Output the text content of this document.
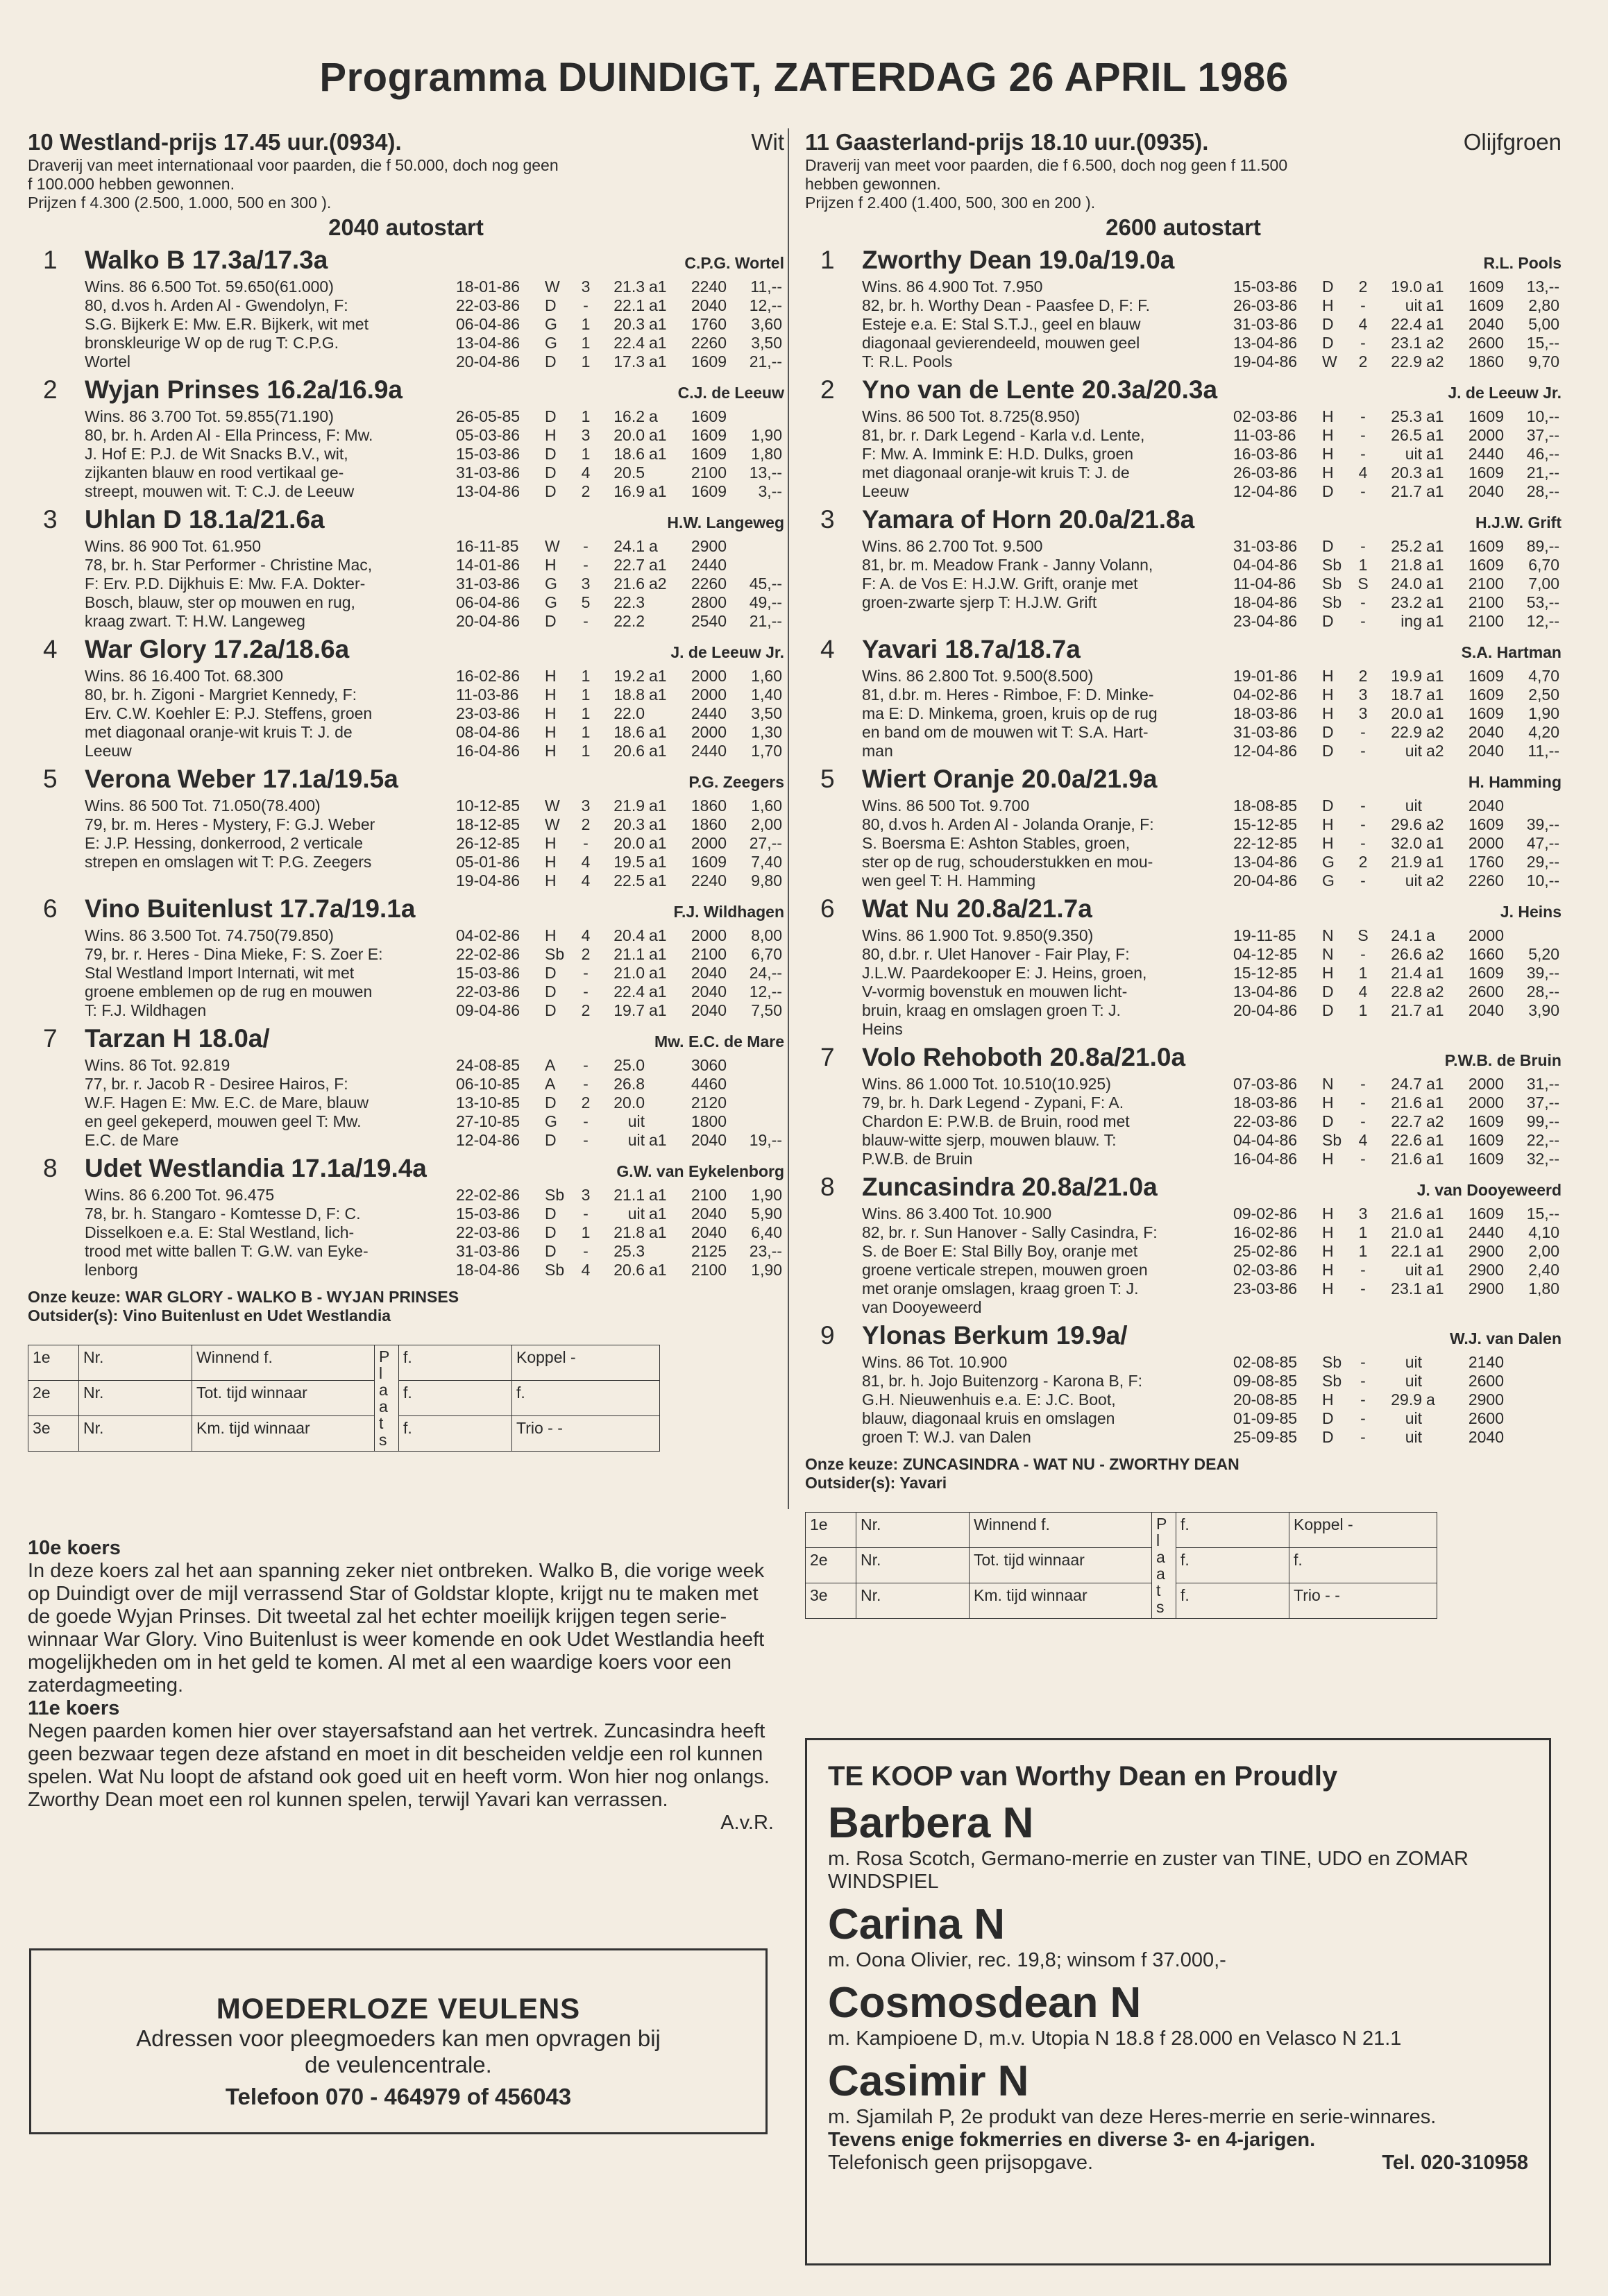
Programma DUINDIGT, ZATERDAG 26 APRIL 1986
10 Westland-prijs 17.45 uur.(0934).	Wit
Draverij van meet internationaal voor paarden, die f 50.000, doch nog geen
f 100.000 hebben gewonnen.
Prijzen f 4.300 (2.500, 1.000, 500 en 300 ).
2040 autostart
1	Walko B 17.3a/17.3a	C.P.G. Wortel
Wins. 86 6.500 Tot. 59.650(61.000)
80, d.vos h. Arden Al - Gwendolyn, F:
S.G. Bijkerk E: Mw. E.R. Bijkerk, wit met
bronskleurige W op de rug T: C.P.G.
Wortel
18-01-86	W	3	21.3 a1	2240	11,--
22-03-86	D	-	22.1 a1	2040	12,--
06-04-86	G	1	20.3 a1	1760	3,60
13-04-86	G	1	22.4 a1	2260	3,50
20-04-86	D	1	17.3 a1	1609	21,--
2	Wyjan Prinses 16.2a/16.9a	C.J. de Leeuw
Wins. 86 3.700 Tot. 59.855(71.190)
80, br. h. Arden Al - Ella Princess, F: Mw.
J. Hof E: P.J. de Wit Snacks B.V., wit,
zijkanten blauw en rood vertikaal ge-
streept, mouwen wit. T: C.J. de Leeuw
26-05-85	D	1	16.2 a	1609
05-03-86	H	3	20.0 a1	1609	1,90
15-03-86	D	1	18.6 a1	1609	1,80
31-03-86	D	4	20.5	2100	13,--
13-04-86	D	2	16.9 a1	1609	3,--
3	Uhlan D 18.1a/21.6a	H.W. Langeweg
Wins. 86 900 Tot. 61.950
78, br. h. Star Performer - Christine Mac,
F: Erv. P.D. Dijkhuis E: Mw. F.A. Dokter-
Bosch, blauw, ster op mouwen en rug,
kraag zwart. T: H.W. Langeweg
16-11-85	W	-	24.1 a	2900
14-01-86	H	-	22.7 a1	2440
31-03-86	G	3	21.6 a2	2260	45,--
06-04-86	G	5	22.3	2800	49,--
20-04-86	D	-	22.2	2540	21,--
4	War Glory 17.2a/18.6a	J. de Leeuw Jr.
Wins. 86 16.400 Tot. 68.300
80, br. h. Zigoni - Margriet Kennedy, F:
Erv. C.W. Koehler E: P.J. Steffens, groen
met diagonaal oranje-wit kruis T: J. de
Leeuw
16-02-86	H	1	19.2 a1	2000	1,60
11-03-86	H	1	18.8 a1	2000	1,40
23-03-86	H	1	22.0	2440	3,50
08-04-86	H	1	18.6 a1	2000	1,30
16-04-86	H	1	20.6 a1	2440	1,70
5	Verona Weber 17.1a/19.5a	P.G. Zeegers
Wins. 86 500 Tot. 71.050(78.400)
79, br. m. Heres - Mystery, F: G.J. Weber
E: J.P. Hessing, donkerrood, 2 verticale
strepen en omslagen wit T: P.G. Zeegers
10-12-85	W	3	21.9 a1	1860	1,60
18-12-85	W	2	20.3 a1	1860	2,00
26-12-85	H	-	20.0 a1	2000	27,--
05-01-86	H	4	19.5 a1	1609	7,40
19-04-86	H	4	22.5 a1	2240	9,80
6	Vino Buitenlust 17.7a/19.1a	F.J. Wildhagen
Wins. 86 3.500 Tot. 74.750(79.850)
79, br. r. Heres - Dina Mieke, F: S. Zoer E:
Stal Westland Import Internati, wit met
groene emblemen op de rug en mouwen
T: F.J. Wildhagen
04-02-86	H	4	20.4 a1	2000	8,00
22-02-86	Sb	2	21.1 a1	2100	6,70
15-03-86	D	-	21.0 a1	2040	24,--
22-03-86	D	-	22.4 a1	2040	12,--
09-04-86	D	2	19.7 a1	2040	7,50
7	Tarzan H 18.0a/	Mw. E.C. de Mare
Wins. 86 Tot. 92.819
77, br. r. Jacob R - Desiree Hairos, F:
W.F. Hagen E: Mw. E.C. de Mare, blauw
en geel gekeperd, mouwen geel T: Mw.
E.C. de Mare
24-08-85	A	-	25.0	3060
06-10-85	A	-	26.8	4460
13-10-85	D	2	20.0	2120
27-10-85	G	-	uit	1800
12-04-86	D	-	uit a1	2040	19,--
8	Udet Westlandia 17.1a/19.4a	G.W. van Eykelenborg
Wins. 86 6.200 Tot. 96.475
78, br. h. Stangaro - Komtesse D, F: C.
Disselkoen e.a. E: Stal Westland, lich-
trood met witte ballen T: G.W. van Eyke-
lenborg
22-02-86	Sb	3	21.1 a1	2100	1,90
15-03-86	D	-	uit a1	2040	5,90
22-03-86	D	1	21.8 a1	2040	6,40
31-03-86	D	-	25.3	2125	23,--
18-04-86	Sb	4	20.6 a1	2100	1,90
Onze keuze: WAR GLORY - WALKO B - WYJAN PRINSES
Outsider(s): Vino Buitenlust en Udet Westlandia
1e	Nr.	Winnend f.	P l a a t s	f.	Koppel -
2e	Nr.	Tot. tijd winnaar		f.	f.
3e	Nr.	Km. tijd winnaar		f.	Trio - -
11 Gaasterland-prijs 18.10 uur.(0935).	Olijfgroen
Draverij van meet voor paarden, die f 6.500, doch nog geen f 11.500
hebben gewonnen.
Prijzen f 2.400 (1.400, 500, 300 en 200 ).
2600 autostart
1	Zworthy Dean 19.0a/19.0a	R.L. Pools
Wins. 86 4.900 Tot. 7.950
82, br. h. Worthy Dean - Paasfee D, F: F.
Esteje e.a. E: Stal S.T.J., geel en blauw
diagonaal gevierendeeld, mouwen geel
T: R.L. Pools
15-03-86	D	2	19.0 a1	1609	13,--
26-03-86	H	-	uit a1	1609	2,80
31-03-86	D	4	22.4 a1	2040	5,00
13-04-86	D	-	23.1 a2	2600	15,--
19-04-86	W	2	22.9 a2	1860	9,70
2	Yno van de Lente 20.3a/20.3a	J. de Leeuw Jr.
Wins. 86 500 Tot. 8.725(8.950)
81, br. r. Dark Legend - Karla v.d. Lente,
F: Mw. A. Immink E: H.D. Dulks, groen
met diagonaal oranje-wit kruis T: J. de
Leeuw
02-03-86	H	-	25.3 a1	1609	10,--
11-03-86	H	-	26.5 a1	2000	37,--
16-03-86	H	-	uit a1	2440	46,--
26-03-86	H	4	20.3 a1	1609	21,--
12-04-86	D	-	21.7 a1	2040	28,--
3	Yamara of Horn 20.0a/21.8a	H.J.W. Grift
Wins. 86 2.700 Tot. 9.500
81, br. m. Meadow Frank - Janny Volann,
F: A. de Vos E: H.J.W. Grift, oranje met
groen-zwarte sjerp T: H.J.W. Grift
31-03-86	D	-	25.2 a1	1609	89,--
04-04-86	Sb	1	21.8 a1	1609	6,70
11-04-86	Sb	S	24.0 a1	2100	7,00
18-04-86	Sb	-	23.2 a1	2100	53,--
23-04-86	D	-	ing a1	2100	12,--
4	Yavari 18.7a/18.7a	S.A. Hartman
Wins. 86 2.800 Tot. 9.500(8.500)
81, d.br. m. Heres - Rimboe, F: D. Minke-
ma E: D. Minkema, groen, kruis op de rug
en band om de mouwen wit T: S.A. Hart-
man
19-01-86	H	2	19.9 a1	1609	4,70
04-02-86	H	3	18.7 a1	1609	2,50
18-03-86	H	3	20.0 a1	1609	1,90
31-03-86	D	-	22.9 a2	2040	4,20
12-04-86	D	-	uit a2	2040	11,--
5	Wiert Oranje 20.0a/21.9a	H. Hamming
Wins. 86 500 Tot. 9.700
80, d.vos h. Arden Al - Jolanda Oranje, F:
S. Boersma E: Ashton Stables, groen,
ster op de rug, schouderstukken en mou-
wen geel T: H. Hamming
18-08-85	D	-	uit	2040
15-12-85	H	-	29.6 a2	1609	39,--
22-12-85	H	-	32.0 a1	2000	47,--
13-04-86	G	2	21.9 a1	1760	29,--
20-04-86	G	-	uit a2	2260	10,--
6	Wat Nu 20.8a/21.7a	J. Heins
Wins. 86 1.900 Tot. 9.850(9.350)
80, d.br. r. Ulet Hanover - Fair Play, F:
J.L.W. Paardekooper E: J. Heins, groen,
V-vormig bovenstuk en mouwen licht-
bruin, kraag en omslagen groen T: J.
Heins
19-11-85	N	S	24.1 a	2000
04-12-85	N	-	26.6 a2	1660	5,20
15-12-85	H	1	21.4 a1	1609	39,--
13-04-86	D	4	22.8 a2	2600	28,--
20-04-86	D	1	21.7 a1	2040	3,90
7	Volo Rehoboth 20.8a/21.0a	P.W.B. de Bruin
Wins. 86 1.000 Tot. 10.510(10.925)
79, br. h. Dark Legend - Zypani, F: A.
Chardon E: P.W.B. de Bruin, rood met
blauw-witte sjerp, mouwen blauw. T:
P.W.B. de Bruin
07-03-86	N	-	24.7 a1	2000	31,--
18-03-86	H	-	21.6 a1	2000	37,--
22-03-86	D	-	22.7 a2	1609	99,--
04-04-86	Sb	4	22.6 a1	1609	22,--
16-04-86	H	-	21.6 a1	1609	32,--
8	Zuncasindra 20.8a/21.0a	J. van Dooyeweerd
Wins. 86 3.400 Tot. 10.900
82, br. r. Sun Hanover - Sally Casindra, F:
S. de Boer E: Stal Billy Boy, oranje met
groene verticale strepen, mouwen groen
met oranje omslagen, kraag groen T: J.
van Dooyeweerd
09-02-86	H	3	21.6 a1	1609	15,--
16-02-86	H	1	21.0 a1	2440	4,10
25-02-86	H	1	22.1 a1	2900	2,00
02-03-86	H	-	uit a1	2900	2,40
23-03-86	H	-	23.1 a1	2900	1,80
9	Ylonas Berkum 19.9a/	W.J. van Dalen
Wins. 86 Tot. 10.900
81, br. h. Jojo Buitenzorg - Karona B, F:
G.H. Nieuwenhuis e.a. E: J.C. Boot,
blauw, diagonaal kruis en omslagen
groen T: W.J. van Dalen
02-08-85	Sb	-	uit	2140
09-08-85	Sb	-	uit	2600
20-08-85	H	-	29.9 a	2900
01-09-85	D	-	uit	2600
25-09-85	D	-	uit	2040
Onze keuze: ZUNCASINDRA - WAT NU - ZWORTHY DEAN
Outsider(s): Yavari
1e	Nr.	Winnend f.	P l a a t s	f.	Koppel -
2e	Nr.	Tot. tijd winnaar		f.	f.
3e	Nr.	Km. tijd winnaar		f.	Trio - -
10e koers

In deze koers zal het aan spanning zeker niet ontbreken. Walko B, die vorige week op Duindigt over de mijl verrassend Star of Goldstar klopte, krijgt nu te maken met de goede Wyjan Prinses. Dit tweetal zal het echter moeilijk krijgen tegen serie-winnaar War Glory. Vino Buitenlust is weer komende en ook Udet Westlandia heeft mogelijkheden om in het geld te komen. Al met al een waardige koers voor een zaterdagmeeting.

11e koers

Negen paarden komen hier over stayersafstand aan het vertrek. Zuncasindra heeft geen bezwaar tegen deze afstand en moet in dit bescheiden veldje een rol kunnen spelen. Wat Nu loopt de afstand ook goed uit en heeft vorm. Won hier nog onlangs. Zworthy Dean moet een rol kunnen spelen, terwijl Yavari kan verrassen.

A.v.R.

MOEDERLOZE VEULENS
Adressen voor pleegmoeders kan men opvragen bij
de veulencentrale.
Telefoon 070 - 464979 of 456043
TE KOOP van Worthy Dean en Proudly
Barbera N
m. Rosa Scotch, Germano-merrie en zuster van TINE, UDO en ZOMAR WINDSPIEL
Carina N
m. Oona Olivier, rec. 19,8; winsom f 37.000,-
Cosmosdean N
m. Kampioene D, m.v. Utopia N 18.8 f 28.000 en Velasco N 21.1
Casimir N
m. Sjamilah P, 2e produkt van deze Heres-merrie en serie-winnares.
Tevens enige fokmerries en diverse 3- en 4-jarigen.
Telefonisch geen prijsopgave.	Tel. 020-310958
